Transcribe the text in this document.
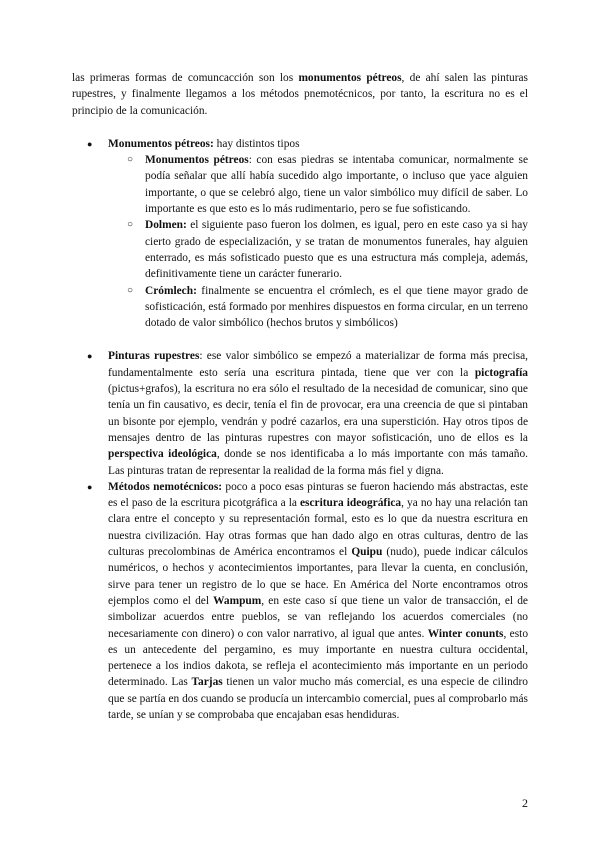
las primeras formas de comuncacción son los monumentos pétreos, de ahí salen las pinturas rupestres, y finalmente llegamos a los métodos pnemotécnicos, por tanto, la escritura no es el principio de la comunicación.

● Monumentos pétreos: hay distintos tipos
○ Monumentos pétreos: con esas piedras se intentaba comunicar, normalmente se podía señalar que allí había sucedido algo importante, o incluso que yace alguien importante, o que se celebró algo, tiene un valor simbólico muy difícil de saber. Lo importante es que esto es lo más rudimentario, pero se fue sofisticando.
○ Dolmen: el siguiente paso fueron los dolmen, es igual, pero en este caso ya si hay cierto grado de especialización, y se tratan de monumentos funerales, hay alguien enterrado, es más sofisticado puesto que es una estructura más compleja, además, definitivamente tiene un carácter funerario.
○ Crómlech: finalmente se encuentra el crómlech, es el que tiene mayor grado de sofisticación, está formado por menhires dispuestos en forma circular, en un terreno dotado de valor simbólico (hechos brutos y simbólicos)
● Pinturas rupestres: ese valor simbólico se empezó a materializar de forma más precisa, fundamentalmente esto sería una escritura pintada, tiene que ver con la pictografía (pictus+grafos), la escritura no era sólo el resultado de la necesidad de comunicar, sino que tenía un fin causativo, es decir, tenía el fin de provocar, era una creencia de que si pintaban un bisonte por ejemplo, vendrán y podré cazarlos, era una superstición. Hay otros tipos de mensajes dentro de las pinturas rupestres con mayor sofisticación, uno de ellos es la perspectiva ideológica, donde se nos identificaba a lo más importante con más tamaño. Las pinturas tratan de representar la realidad de la forma más fiel y digna.
● Métodos nemotécnicos: poco a poco esas pinturas se fueron haciendo más abstractas, este es el paso de la escritura picotgráfica a la escritura ideográfica, ya no hay una relación tan clara entre el concepto y su representación formal, esto es lo que da nuestra escritura en nuestra civilización. Hay otras formas que han dado algo en otras culturas, dentro de las culturas precolombinas de América encontramos el Quipu (nudo), puede indicar cálculos numéricos, o hechos y acontecimientos importantes, para llevar la cuenta, en conclusión, sirve para tener un registro de lo que se hace. En América del Norte encontramos otros ejemplos como el del Wampum, en este caso sí que tiene un valor de transacción, el de simbolizar acuerdos entre pueblos, se van reflejando los acuerdos comerciales (no necesariamente con dinero) o con valor narrativo, al igual que antes. Winter conunts, esto es un antecedente del pergamino, es muy importante en nuestra cultura occidental, pertenece a los indios dakota, se refleja el acontecimiento más importante en un periodo determinado. Las Tarjas tienen un valor mucho más comercial, es una especie de cilindro que se partía en dos cuando se producía un intercambio comercial, pues al comprobarlo más tarde, se unían y se comprobaba que encajaban esas hendiduras.
2
